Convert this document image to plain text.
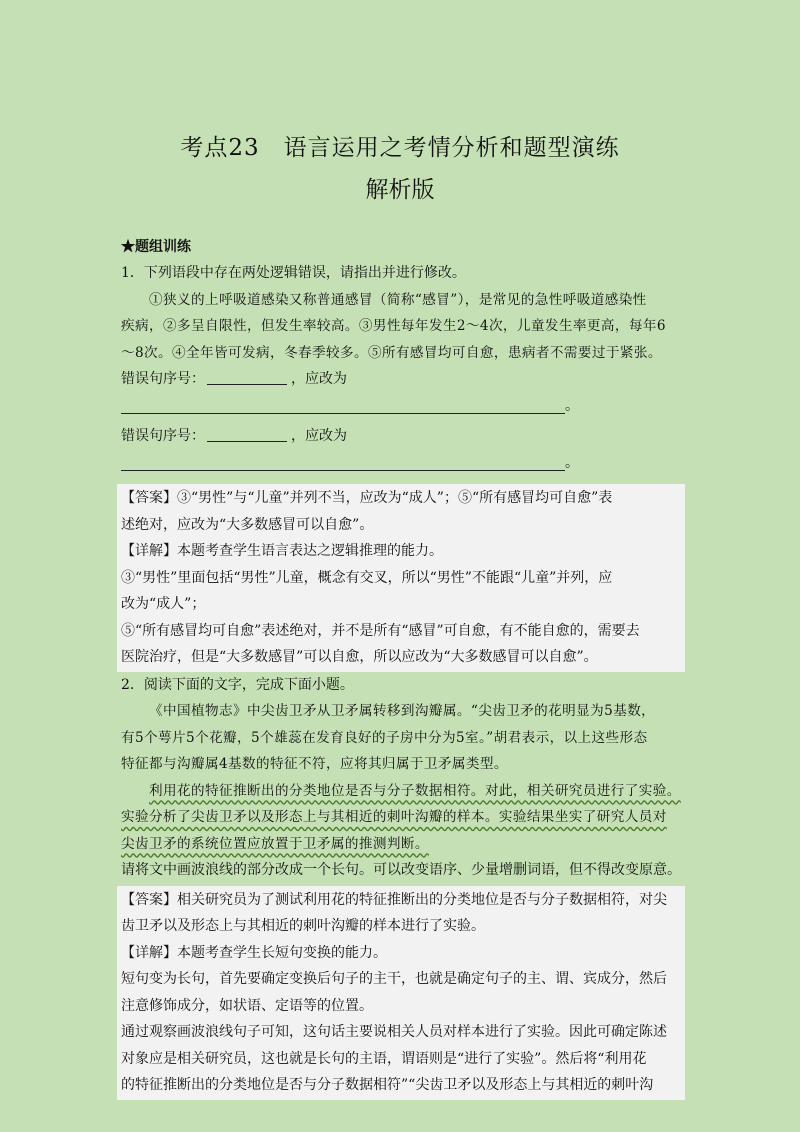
考点23　语言运用之考情分析和题型演练
解析版
★题组训练
1．下列语段中存在两处逻辑错误，请指出并进行修改。
①狭义的上呼吸道感染又称普通感冒（简称“感冒”），是常见的急性呼吸道感染性
疾病，②多呈自限性，但发生率较高。③男性每年发生2～4次，儿童发生率更高，每年6
～8次。④全年皆可发病，冬春季较多。⑤所有感冒均可自愈，患病者不需要过于紧张。
错误句序号：	，应改为
。
错误句序号：	，应改为
。
【答案】③“男性”与“儿童”并列不当，应改为“成人”；⑤“所有感冒均可自愈”表
述绝对，应改为“大多数感冒可以自愈”。
【详解】本题考查学生语言表达之逻辑推理的能力。
③“男性”里面包括“男性”儿童，概念有交叉，所以“男性”不能跟“儿童”并列，应
改为“成人”；
⑤“所有感冒均可自愈”表述绝对，并不是所有“感冒”可自愈，有不能自愈的，需要去
医院治疗，但是“大多数感冒”可以自愈，所以应改为“大多数感冒可以自愈”。
2．阅读下面的文字，完成下面小题。
《中国植物志》中尖齿卫矛从卫矛属转移到沟瓣属。“尖齿卫矛的花明显为5基数，
有5个萼片5个花瓣，5个雄蕊在发育良好的子房中分为5室。”胡君表示，以上这些形态
特征都与沟瓣属4基数的特征不符，应将其归属于卫矛属类型。
利用花的特征推断出的分类地位是否与分子数据相符。对此，相关研究员进行了实验。
实验分析了尖齿卫矛以及形态上与其相近的刺叶沟瓣的样本。实验结果坐实了研究人员对
尖齿卫矛的系统位置应放置于卫矛属的推测判断。
请将文中画波浪线的部分改成一个长句。可以改变语序、少量增删词语，但不得改变原意。
【答案】相关研究员为了测试利用花的特征推断出的分类地位是否与分子数据相符，对尖
齿卫矛以及形态上与其相近的刺叶沟瓣的样本进行了实验。
【详解】本题考查学生长短句变换的能力。
短句变为长句，首先要确定变换后句子的主干，也就是确定句子的主、谓、宾成分，然后
注意修饰成分，如状语、定语等的位置。
通过观察画波浪线句子可知，这句话主要说相关人员对样本进行了实验。因此可确定陈述
对象应是相关研究员，这也就是长句的主语，谓语则是“进行了实验”。然后将“利用花
的特征推断出的分类地位是否与分子数据相符”“尖齿卫矛以及形态上与其相近的刺叶沟
